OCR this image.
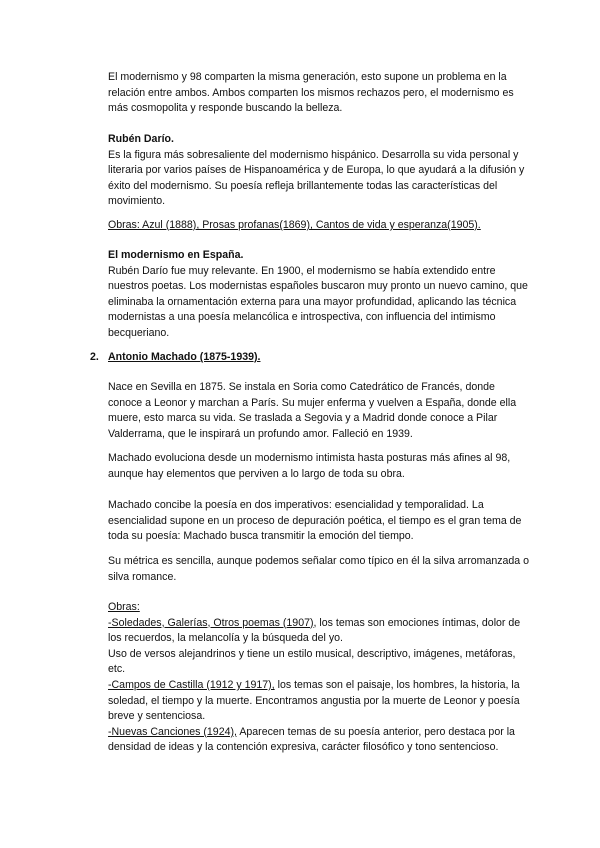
El modernismo y 98 comparten la misma generación, esto supone un problema en la relación entre ambos. Ambos comparten los mismos rechazos pero, el modernismo es más cosmopolita y responde buscando la belleza.

Rubén Darío.

Es la figura más sobresaliente del modernismo hispánico. Desarrolla su vida personal y literaria por varios países de Hispanoamérica y de Europa, lo que ayudará a la difusión y éxito del modernismo. Su poesía refleja brillantemente todas las características del movimiento.

Obras: Azul (1888), Prosas profanas(1869), Cantos de vida y esperanza(1905).

El modernismo en España.

Rubén Darío fue muy relevante. En 1900, el modernismo se había extendido entre nuestros poetas. Los modernistas españoles buscaron muy pronto un nuevo camino, que eliminaba la ornamentación externa para una mayor profundidad, aplicando las técnica modernistas a una poesía melancólica e introspectiva, con influencia del intimismo becqueriano.

2. Antonio Machado (1875-1939).

Nace en Sevilla en 1875. Se instala en Soria como Catedrático de Francés, donde conoce a Leonor y marchan a París. Su mujer enferma y vuelven a España, donde ella muere, esto marca su vida. Se traslada a Segovia y a Madrid donde conoce a Pilar Valderrama, que le inspirará un profundo amor. Falleció en 1939.

Machado evoluciona desde un modernismo intimista hasta posturas más afines al 98, aunque hay elementos que perviven a lo largo de toda su obra.

Machado concibe la poesía en dos imperativos: esencialidad y temporalidad. La esencialidad supone en un proceso de depuración poética, el tiempo es el gran tema de toda su poesía: Machado busca transmitir la emoción del tiempo.

Su métrica es sencilla, aunque podemos señalar como típico en él la silva arromanzada o silva romance.

Obras:

-Soledades, Galerías, Otros poemas (1907), los temas son emociones íntimas, dolor de los recuerdos, la melancolía y la búsqueda del yo.

Uso de versos alejandrinos y tiene un estilo musical, descriptivo, imágenes, metáforas, etc.

-Campos de Castilla (1912 y 1917), los temas son el paisaje, los hombres, la historia, la soledad, el tiempo y la muerte. Encontramos angustia por la muerte de Leonor y poesía breve y sentenciosa.

-Nuevas Canciones (1924), Aparecen temas de su poesía anterior, pero destaca por la densidad de ideas y la contención expresiva, carácter filosófico y tono sentencioso.
